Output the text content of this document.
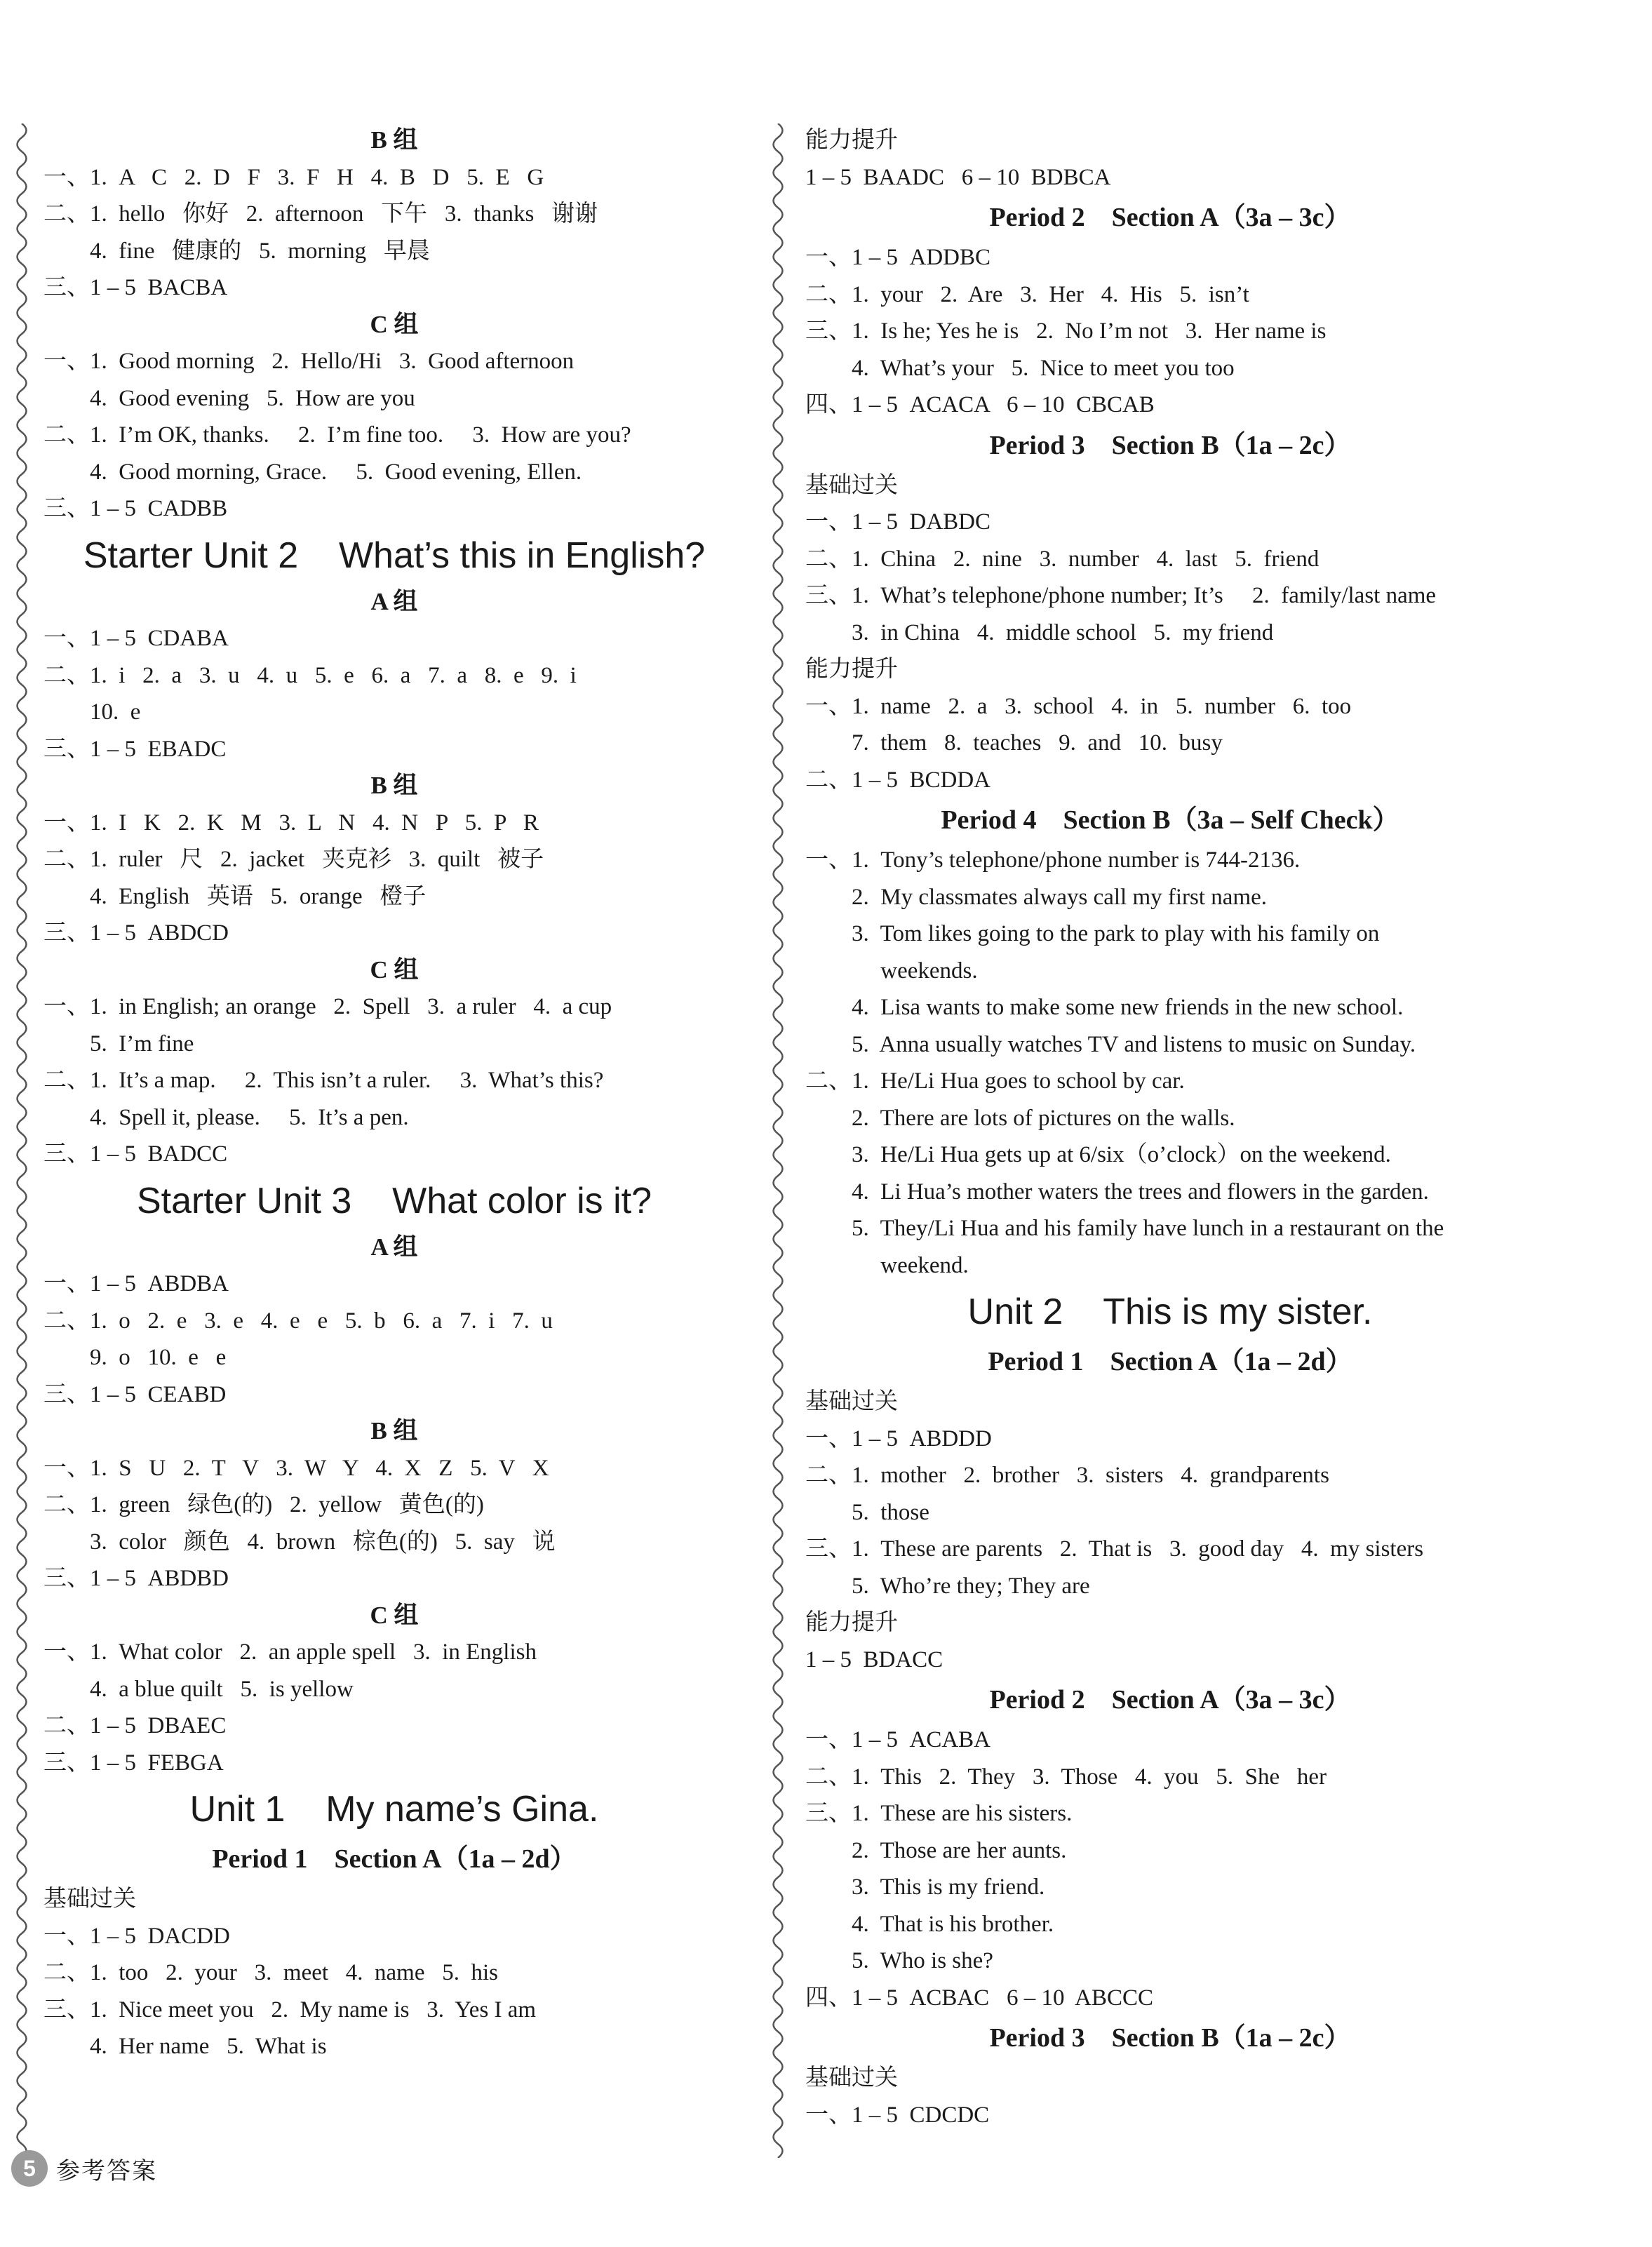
B 组
一、1.  A   C   2.  D   F   3.  F   H   4.  B   D   5.  E   G
二、1.  hello   你好   2.  afternoon   下午   3.  thanks   谢谢
4.  fine   健康的   5.  morning   早晨
三、1 – 5  BACBA
C 组
一、1.  Good morning   2.  Hello/Hi   3.  Good afternoon
4.  Good evening   5.  How are you
二、1.  I’m OK, thanks.     2.  I’m fine too.     3.  How are you?
4.  Good morning, Grace.     5.  Good evening, Ellen.
三、1 – 5  CADBB
Starter Unit 2    What’s this in English?
A 组
一、1 – 5  CDABA
二、1.  i   2.  a   3.  u   4.  u   5.  e   6.  a   7.  a   8.  e   9.  i
10.  e
三、1 – 5  EBADC
B 组
一、1.  I   K   2.  K   M   3.  L   N   4.  N   P   5.  P   R
二、1.  ruler   尺   2.  jacket   夹克衫   3.  quilt   被子
4.  English   英语   5.  orange   橙子
三、1 – 5  ABDCD
C 组
一、1.  in English; an orange   2.  Spell   3.  a ruler   4.  a cup
5.  I’m fine
二、1.  It’s a map.     2.  This isn’t a ruler.     3.  What’s this?
4.  Spell it, please.     5.  It’s a pen.
三、1 – 5  BADCC
Starter Unit 3    What color is it?
A 组
一、1 – 5  ABDBA
二、1.  o   2.  e   3.  e   4.  e   e   5.  b   6.  a   7.  i   7.  u
9.  o   10.  e   e
三、1 – 5  CEABD
B 组
一、1.  S   U   2.  T   V   3.  W   Y   4.  X   Z   5.  V   X
二、1.  green   绿色(的)   2.  yellow   黄色(的)
3.  color   颜色   4.  brown   棕色(的)   5.  say   说
三、1 – 5  ABDBD
C 组
一、1.  What color   2.  an apple spell   3.  in English
4.  a blue quilt   5.  is yellow
二、1 – 5  DBAEC
三、1 – 5  FEBGA
Unit 1    My name’s Gina.
Period 1    Section A（1a – 2d）
基础过关
一、1 – 5  DACDD
二、1.  too   2.  your   3.  meet   4.  name   5.  his
三、1.  Nice meet you   2.  My name is   3.  Yes I am
4.  Her name   5.  What is
能力提升
1 – 5  BAADC   6 – 10  BDBCA
Period 2    Section A（3a – 3c）
一、1 – 5  ADDBC
二、1.  your   2.  Are   3.  Her   4.  His   5.  isn’t
三、1.  Is he; Yes he is   2.  No I’m not   3.  Her name is
4.  What’s your   5.  Nice to meet you too
四、1 – 5  ACACA   6 – 10  CBCAB
Period 3    Section B（1a – 2c）
基础过关
一、1 – 5  DABDC
二、1.  China   2.  nine   3.  number   4.  last   5.  friend
三、1.  What’s telephone/phone number; It’s     2.  family/last name
3.  in China   4.  middle school   5.  my friend
能力提升
一、1.  name   2.  a   3.  school   4.  in   5.  number   6.  too
7.  them   8.  teaches   9.  and   10.  busy
二、1 – 5  BCDDA
Period 4    Section B（3a – Self Check）
一、1.  Tony’s telephone/phone number is 744-2136.
2.  My classmates always call my first name.
3.  Tom likes going to the park to play with his family on
weekends.
4.  Lisa wants to make some new friends in the new school.
5.  Anna usually watches TV and listens to music on Sunday.
二、1.  He/Li Hua goes to school by car.
2.  There are lots of pictures on the walls.
3.  He/Li Hua gets up at 6/six（o’clock）on the weekend.
4.  Li Hua’s mother waters the trees and flowers in the garden.
5.  They/Li Hua and his family have lunch in a restaurant on the
weekend.
Unit 2    This is my sister.
Period 1    Section A（1a – 2d）
基础过关
一、1 – 5  ABDDD
二、1.  mother   2.  brother   3.  sisters   4.  grandparents
5.  those
三、1.  These are parents   2.  That is   3.  good day   4.  my sisters
5.  Who’re they; They are
能力提升
1 – 5  BDACC
Period 2    Section A（3a – 3c）
一、1 – 5  ACABA
二、1.  This   2.  They   3.  Those   4.  you   5.  She   her
三、1.  These are his sisters.
2.  Those are her aunts.
3.  This is my friend.
4.  That is his brother.
5.  Who is she?
四、1 – 5  ACBAC   6 – 10  ABCCC
Period 3    Section B（1a – 2c）
基础过关
一、1 – 5  CDCDC
5 参考答案
